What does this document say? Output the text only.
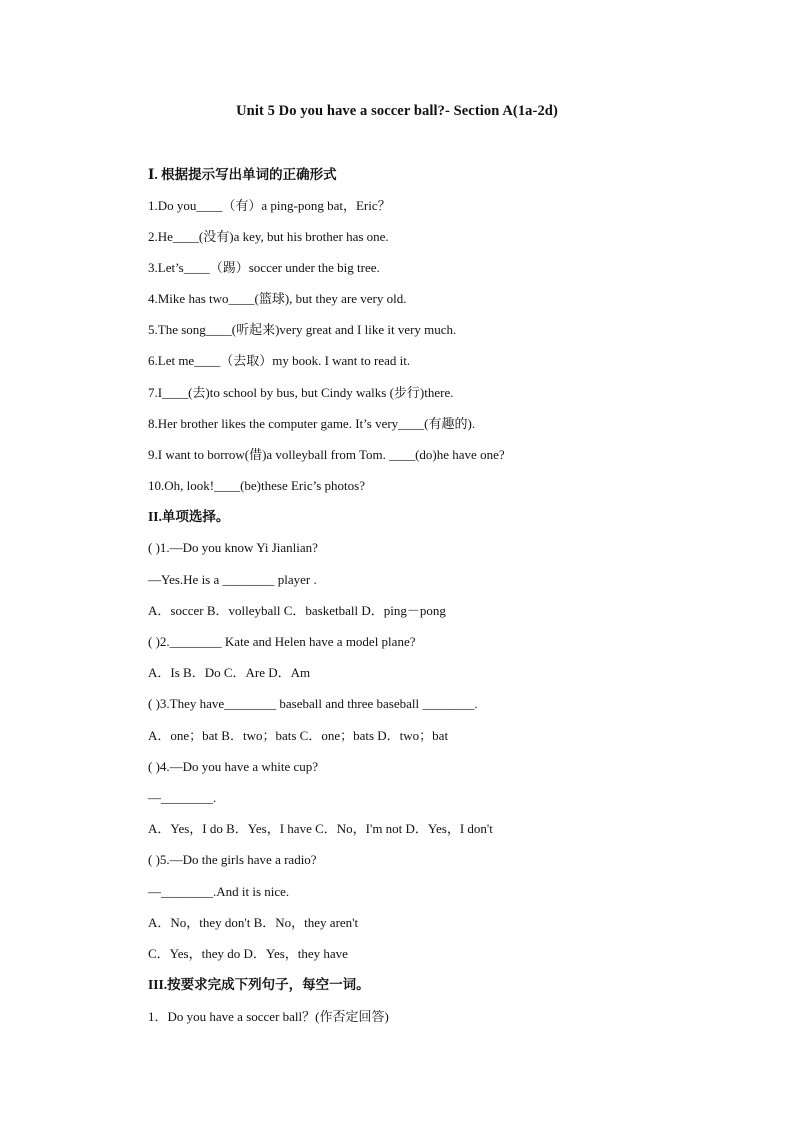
Unit 5 Do you have a soccer ball?- Section A(1a-2d)
Ⅰ. 根据提示写出单词的正确形式
1.Do you____（有）a ping-pong bat，Eric？
2.He____(没有)a key, but his brother has one.
3.Let’s____（踢）soccer under the big tree.
4.Mike has two____(篮球), but they are very old.
5.The song____(听起来)very great and I like it very much.
6.Let me____（去取）my book. I want to read it.
7.I____(去)to school by bus, but Cindy walks (步行)there.
8.Her brother likes the computer game. It’s very____(有趣的).
9.I want to borrow(借)a volleyball from Tom. ____(do)he have one?
10.Oh, look!____(be)these Eric’s photos?
II.单项选择。
( )1.—Do you know Yi Jianlian?
—Yes.He is a ________ player .
A．soccer B．volleyball C．basketball D．ping－pong
( )2.________ Kate and Helen have a model plane?
A．Is B．Do C．Are D．Am
( )3.They have________ baseball and three baseball ________.
A．one；bat B．two；bats C．one；bats D．two；bat
( )4.—Do you have a white cup?
—________.
A．Yes，I do B．Yes，I have C．No，I'm not D．Yes，I don't
( )5.—Do the girls have a radio?
—________.And it is nice.
A．No，they don't B．No，they aren't
C．Yes，they do D．Yes，they have
III.按要求完成下列句子，每空一词。
1．Do you have a soccer ball？(作否定回答)
